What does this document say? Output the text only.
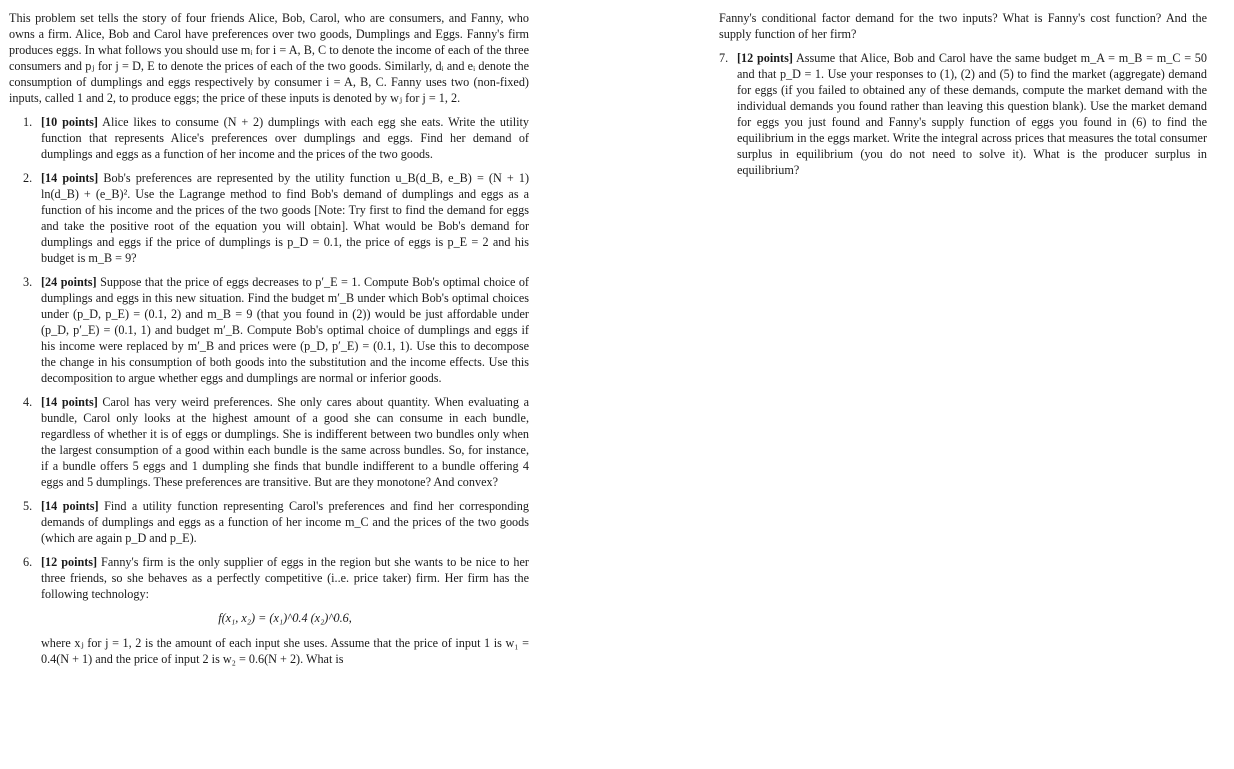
This problem set tells the story of four friends Alice, Bob, Carol, who are consumers, and Fanny, who owns a firm. Alice, Bob and Carol have preferences over two goods, Dumplings and Eggs. Fanny's firm produces eggs. In what follows you should use mᵢ for i = A, B, C to denote the income of each of the three consumers and pⱼ for j = D, E to denote the prices of each of the two goods. Similarly, dᵢ and eᵢ denote the consumption of dumplings and eggs respectively by consumer i = A, B, C. Fanny uses two (non-fixed) inputs, called 1 and 2, to produce eggs; the price of these inputs is denoted by wⱼ for j = 1, 2.

1. [10 points] Alice likes to consume (N + 2) dumplings with each egg she eats. Write the utility function that represents Alice's preferences over dumplings and eggs. Find her demand of dumplings and eggs as a function of her income and the prices of the two goods.
2. [14 points] Bob's preferences are represented by the utility function u_B(d_B, e_B) = (N + 1) ln(d_B) + (e_B)². Use the Lagrange method to find Bob's demand of dumplings and eggs as a function of his income and the prices of the two goods [Note: Try first to find the demand for eggs and take the positive root of the equation you will obtain]. What would be Bob's demand for dumplings and eggs if the price of dumplings is p_D = 0.1, the price of eggs is p_E = 2 and his budget is m_B = 9?
3. [24 points] Suppose that the price of eggs decreases to p′_E = 1. Compute Bob's optimal choice of dumplings and eggs in this new situation. Find the budget m′_B under which Bob's optimal choices under (p_D, p_E) = (0.1, 2) and m_B = 9 (that you found in (2)) would be just affordable under (p_D, p′_E) = (0.1, 1) and budget m′_B. Compute Bob's optimal choice of dumplings and eggs if his income were replaced by m′_B and prices were (p_D, p′_E) = (0.1, 1). Use this to decompose the change in his consumption of both goods into the substitution and the income effects. Use this decomposition to argue whether eggs and dumplings are normal or inferior goods.
4. [14 points] Carol has very weird preferences. She only cares about quantity. When evaluating a bundle, Carol only looks at the highest amount of a good she can consume in each bundle, regardless of whether it is of eggs or dumplings. She is indifferent between two bundles only when the largest consumption of a good within each bundle is the same across bundles. So, for instance, if a bundle offers 5 eggs and 1 dumpling she finds that bundle indifferent to a bundle offering 4 eggs and 5 dumplings. These preferences are transitive. But are they monotone? And convex?
5. [14 points] Find a utility function representing Carol's preferences and find her corresponding demands of dumplings and eggs as a function of her income m_C and the prices of the two goods (which are again p_D and p_E).
6. [12 points] Fanny's firm is the only supplier of eggs in the region but she wants to be nice to her three friends, so she behaves as a perfectly competitive (i..e. price taker) firm. Her firm has the following technology:
f(x₁, x₂) = (x₁)^0.4 (x₂)^0.6,
where xⱼ for j = 1, 2 is the amount of each input she uses. Assume that the price of input 1 is w₁ = 0.4(N + 1) and the price of input 2 is w₂ = 0.6(N + 2). What is

Fanny's conditional factor demand for the two inputs? What is Fanny's cost function? And the supply function of her firm?

7. [12 points] Assume that Alice, Bob and Carol have the same budget m_A = m_B = m_C = 50 and that p_D = 1. Use your responses to (1), (2) and (5) to find the market (aggregate) demand for eggs (if you failed to obtained any of these demands, compute the market demand with the individual demands you found rather than leaving this question blank). Use the market demand for eggs you just found and Fanny's supply function of eggs you found in (6) to find the equilibrium in the eggs market. Write the integral across prices that measures the total consumer surplus in equilibrium (you do not need to solve it). What is the producer surplus in equilibrium?
